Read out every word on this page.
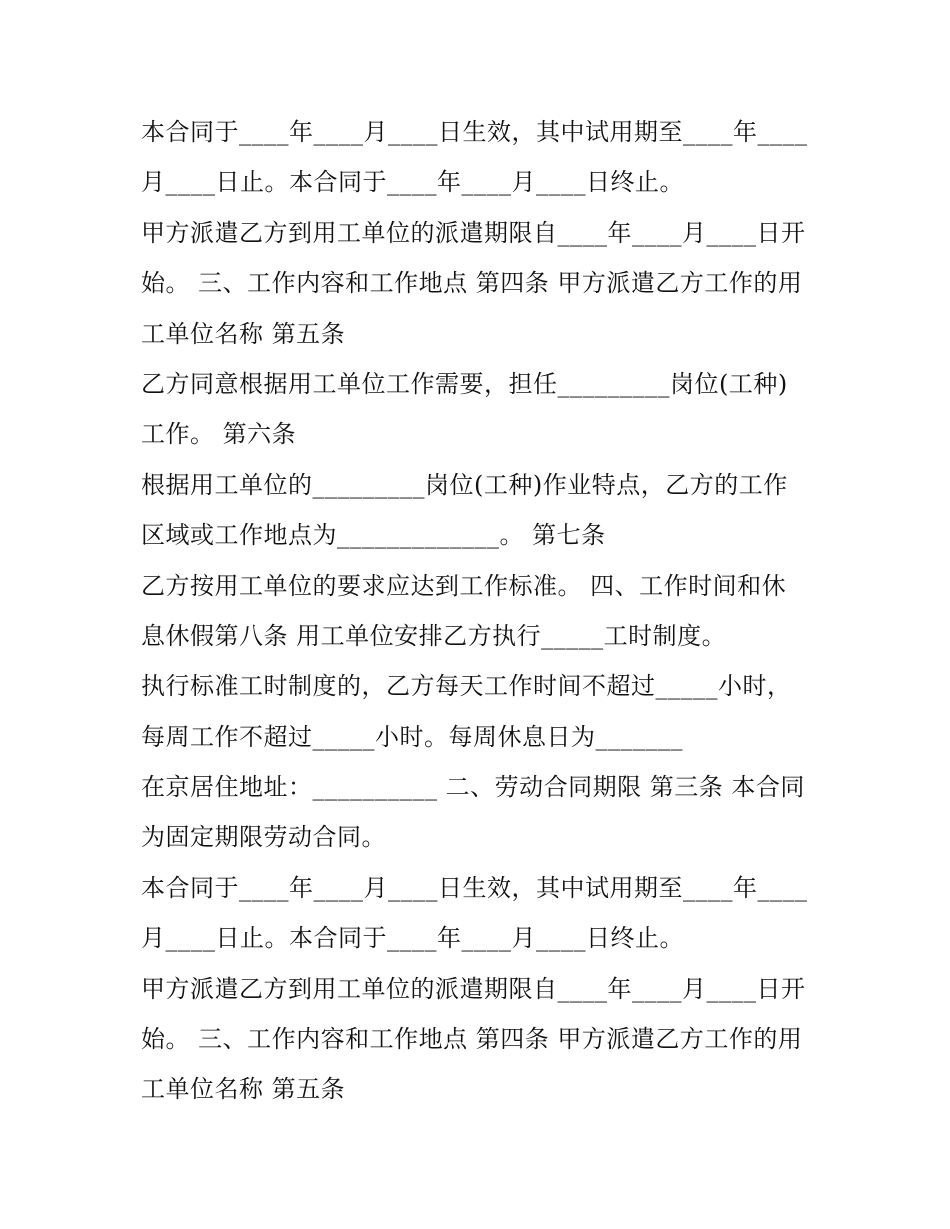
本合同于____年____月____日生效，其中试用期至____年____
月____日止。本合同于____年____月____日终止。
甲方派遣乙方到用工单位的派遣期限自____年____月____日开
始。 三、工作内容和工作地点 第四条 甲方派遣乙方工作的用
工单位名称 第五条
乙方同意根据用工单位工作需要，担任_________岗位(工种)
工作。 第六条
根据用工单位的_________岗位(工种)作业特点，乙方的工作
区域或工作地点为_____________。 第七条
乙方按用工单位的要求应达到工作标准。 四、工作时间和休
息休假第八条 用工单位安排乙方执行_____工时制度。
执行标准工时制度的，乙方每天工作时间不超过_____小时，
每周工作不超过_____小时。每周休息日为_______
在京居住地址：__________ 二、劳动合同期限 第三条 本合同
为固定期限劳动合同。
本合同于____年____月____日生效，其中试用期至____年____
月____日止。本合同于____年____月____日终止。
甲方派遣乙方到用工单位的派遣期限自____年____月____日开
始。 三、工作内容和工作地点 第四条 甲方派遣乙方工作的用
工单位名称 第五条
